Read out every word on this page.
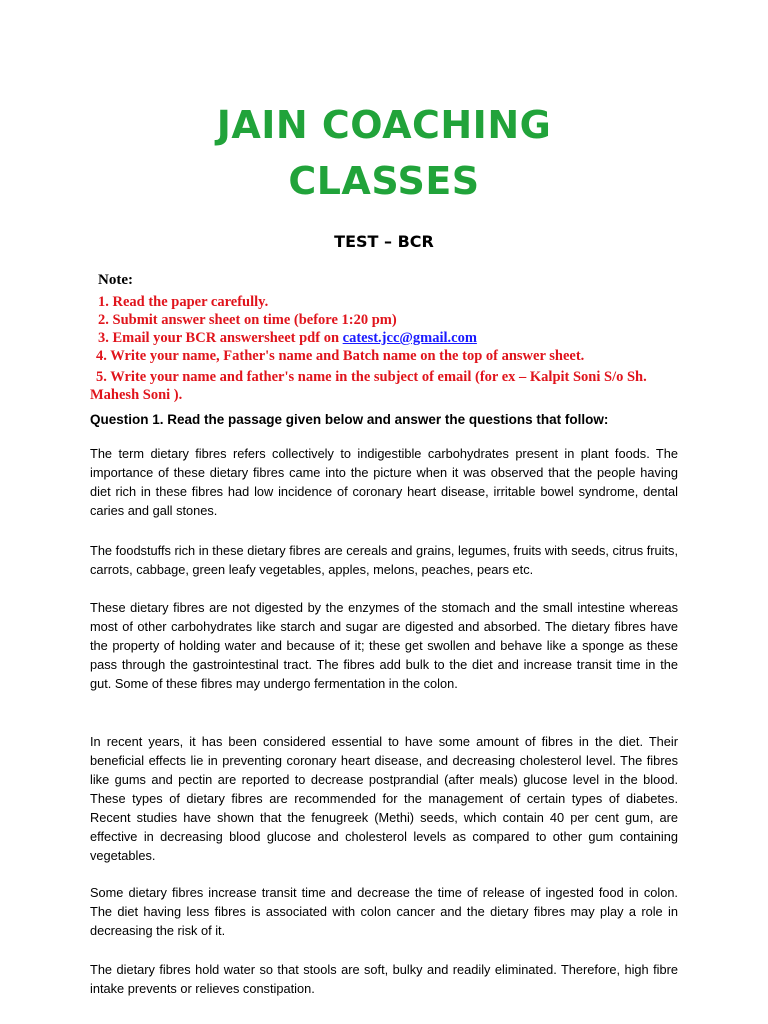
JAIN COACHING
CLASSES
TEST – BCR
Note:
1. Read the paper carefully.
2. Submit answer sheet on time (before 1:20 pm)
3. Email your BCR answersheet pdf on catest.jcc@gmail.com
4. Write your name, Father's name and Batch name on the top of answer sheet.
5. Write your name and father's name in the subject of email (for ex – Kalpit Soni S/o Sh.
Mahesh Soni ).
Question 1. Read the passage given below and answer the questions that follow:
The term dietary fibres refers collectively to indigestible carbohydrates present in plant foods. The importance of these dietary fibres came into the picture when it was observed that the people having diet rich in these fibres had low incidence of coronary heart disease, irritable bowel syndrome, dental caries and gall stones.
The foodstuffs rich in these dietary fibres are cereals and grains, legumes, fruits with seeds, citrus fruits, carrots, cabbage, green leafy vegetables, apples, melons, peaches, pears etc.
These dietary fibres are not digested by the enzymes of the stomach and the small intestine whereas most of other carbohydrates like starch and sugar are digested and absorbed. The dietary fibres have the property of holding water and because of it; these get swollen and behave like a sponge as these pass through the gastrointestinal tract. The fibres add bulk to the diet and increase transit time in the gut. Some of these fibres may undergo fermentation in the colon.
In recent years, it has been considered essential to have some amount of fibres in the diet. Their beneficial effects lie in preventing coronary heart disease, and decreasing cholesterol level. The fibres like gums and pectin are reported to decrease postprandial (after meals) glucose level in the blood. These types of dietary fibres are recommended for the management of certain types of diabetes. Recent studies have shown that the fenugreek (Methi) seeds, which contain 40 per cent gum, are effective in decreasing blood glucose and cholesterol levels as compared to other gum containing vegetables.
Some dietary fibres increase transit time and decrease the time of release of ingested food in colon. The diet having less fibres is associated with colon cancer and the dietary fibres may play a role in decreasing the risk of it.
The dietary fibres hold water so that stools are soft, bulky and readily eliminated. Therefore, high fibre intake prevents or relieves constipation.
